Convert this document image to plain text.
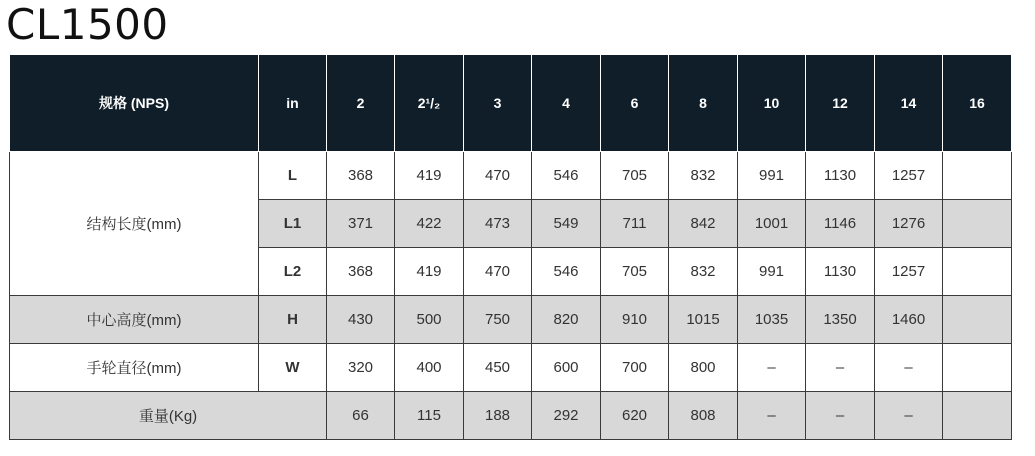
CL1500
规格 (NPS)	in	2	2¹/₂	3	4	6	8	10	12	14	16
结构长度(mm)	L	368	419	470	546	705	832	991	1130	1257	
	L1	371	422	473	549	711	842	1001	1146	1276	
	L2	368	419	470	546	705	832	991	1130	1257	
中心高度(mm)	H	430	500	750	820	910	1015	1035	1350	1460	
手轮直径(mm)	W	320	400	450	600	700	800	–	–	–	
重量(Kg)		66	115	188	292	620	808	–	–	–	
